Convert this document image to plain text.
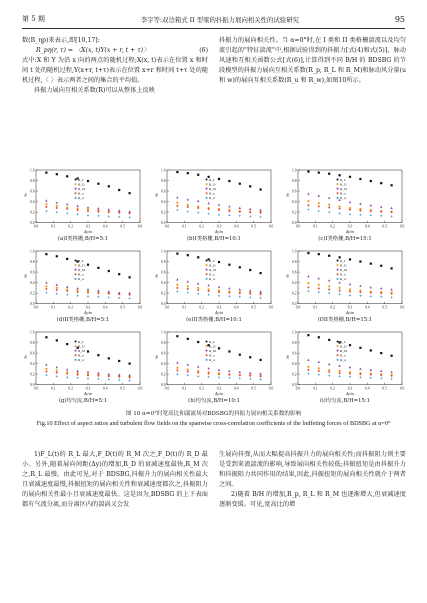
第 5 期	李宇等:双边箱式 II 型梁的抖振力展向相关性的试验研究	95

数(R_ηp)来表示,即[10,17]:

R_pη(r, τ) = 〈X(x, t)Y(x + r, t + τ)〉	(6)

式中:X 和 Y 为沿 x 向的两点的随机过程;X(x, t)表示在位置 x 和时间 t 处的随机过程,Y(x+r, t+τ)表示在位置 x+r 和时间 t+τ 处的随机过程,〈 〉表示两者之间的集合的平均值。

抖振力展向互相关系数(R)可以从整体上反映

抖振力的展向相关性。当 α=0°时,在 I 类和 II 类格栅湍流以及均匀流引起的"特征湍流"中,根据试验得到的抖振力[式(4)和式(5)]、脉动风速和互相关函数公式[式(6)],计算得到不同 B/H 的 BDSBG 的节段模型的抖振力展向互相关系数(R_p, R_L 和 R_M)和脉动风分量(u 和 w)的展向互相关系数(R_u 和 R_w),如图10所示。

0.0
0.2
0.4
0.6
0.8
1.0
0.0	0.1	0.2	0.3	0.4	0.5	0.6
Δy/m
R
R_L
R_D
R_M
R_u
R_w
(a)I类格栅,B/H=5:1
0.0
0.2
0.4
0.6
0.8
1.0
0.0	0.1	0.2	0.3	0.4	0.5	0.6
Δy/m
R
R_L
R_D
R_M
R_u
R_w
(b)I类格栅,B/H=10:1
0.0
0.2
0.4
0.6
0.8
1.0
0.0	0.1	0.2	0.3	0.4	0.5	0.6
Δy/m
R
R_L
R_D
R_M
R_u
R_w
(c)I类格栅,B/H=15:1
0.0
0.2
0.4
0.6
0.8
1.0
0.0	0.1	0.2	0.3	0.4	0.5	0.6
Δy/m
R
R_L
R_D
R_M
R_u
R_w
(d)II类格栅,B/H=5:1
0.0
0.2
0.4
0.6
0.8
1.0
0.0	0.1	0.2	0.3	0.4	0.5	0.6
Δy/m
R
R_L
R_D
R_M
R_u
R_w
(e)II类格栅,B/H=10:1
0.0
0.2
0.4
0.6
0.8
1.0
0.0	0.1	0.2	0.3	0.4	0.5	0.6
Δy/m
R
R_L
R_D
R_M
R_u
R_w
(f)II类格栅,B/H=15:1
0.0
0.2
0.4
0.6
0.8
1.0
0.0	0.1	0.2	0.3	0.4	0.5	0.6
Δy/m
R
R_L
R_D
R_M
R_u
R_w
(g)均匀流,B/H=5:1
0.0
0.2
0.4
0.6
0.8
1.0
0.0	0.1	0.2	0.3	0.4	0.5	0.6
Δy/m
R
R_L
R_D
R_M
R_u
R_w
(h)均匀流,B/H=10:1
0.0
0.2
0.4
0.6
0.8
1.0
0.0	0.1	0.2	0.3	0.4	0.5	0.6
Δy/m
R
R_L
R_D
R_M
R_u
R_w
(i)均匀流,B/H=15:1
图 10 α=0°时宽高比和湍流场对BDSBG的抖振力展向相关系数的影响
Fig.10 Effect of aspect ratios and turbulent flow fields on the spanwise cross-correlation coefficients of the buffeting forces of BDSBG at α=0°

1)F_L(t)的 R_L 最大,F_D(t)的 R_M 次之,F_D(t)的 R_D 最小。另外,随着展向间距(Δy)的增加,R_D 的衰减速度最快,R_M 次之,R_L 最慢。由此可见,对于 BDSBG,抖振升力的展向相关性最大且衰减速度最慢,抖振扭矩的展向相关性和衰减速度都次之,抖振阻力的展向相关性最小且衰减速度最快。这是因为,BDSBG 的上下表面都有气流分离,而分离区内的湍涡又会发

生展向抖弹,从而大幅提高抖振升力的展向相关性;而抖振阻力则主要是受到来流湍流的影响,导致展向相关性较低;抖振扭矩是由抖振升力和抖振阻力共同作用的结果,因此,抖振扭矩的展向相关性就介于两者之间。

2)随着 B/H 的增加,R_p, R_L 和 R_M 也逐渐增大,但衰减速度逐渐变缓。可见,宽高比的增
